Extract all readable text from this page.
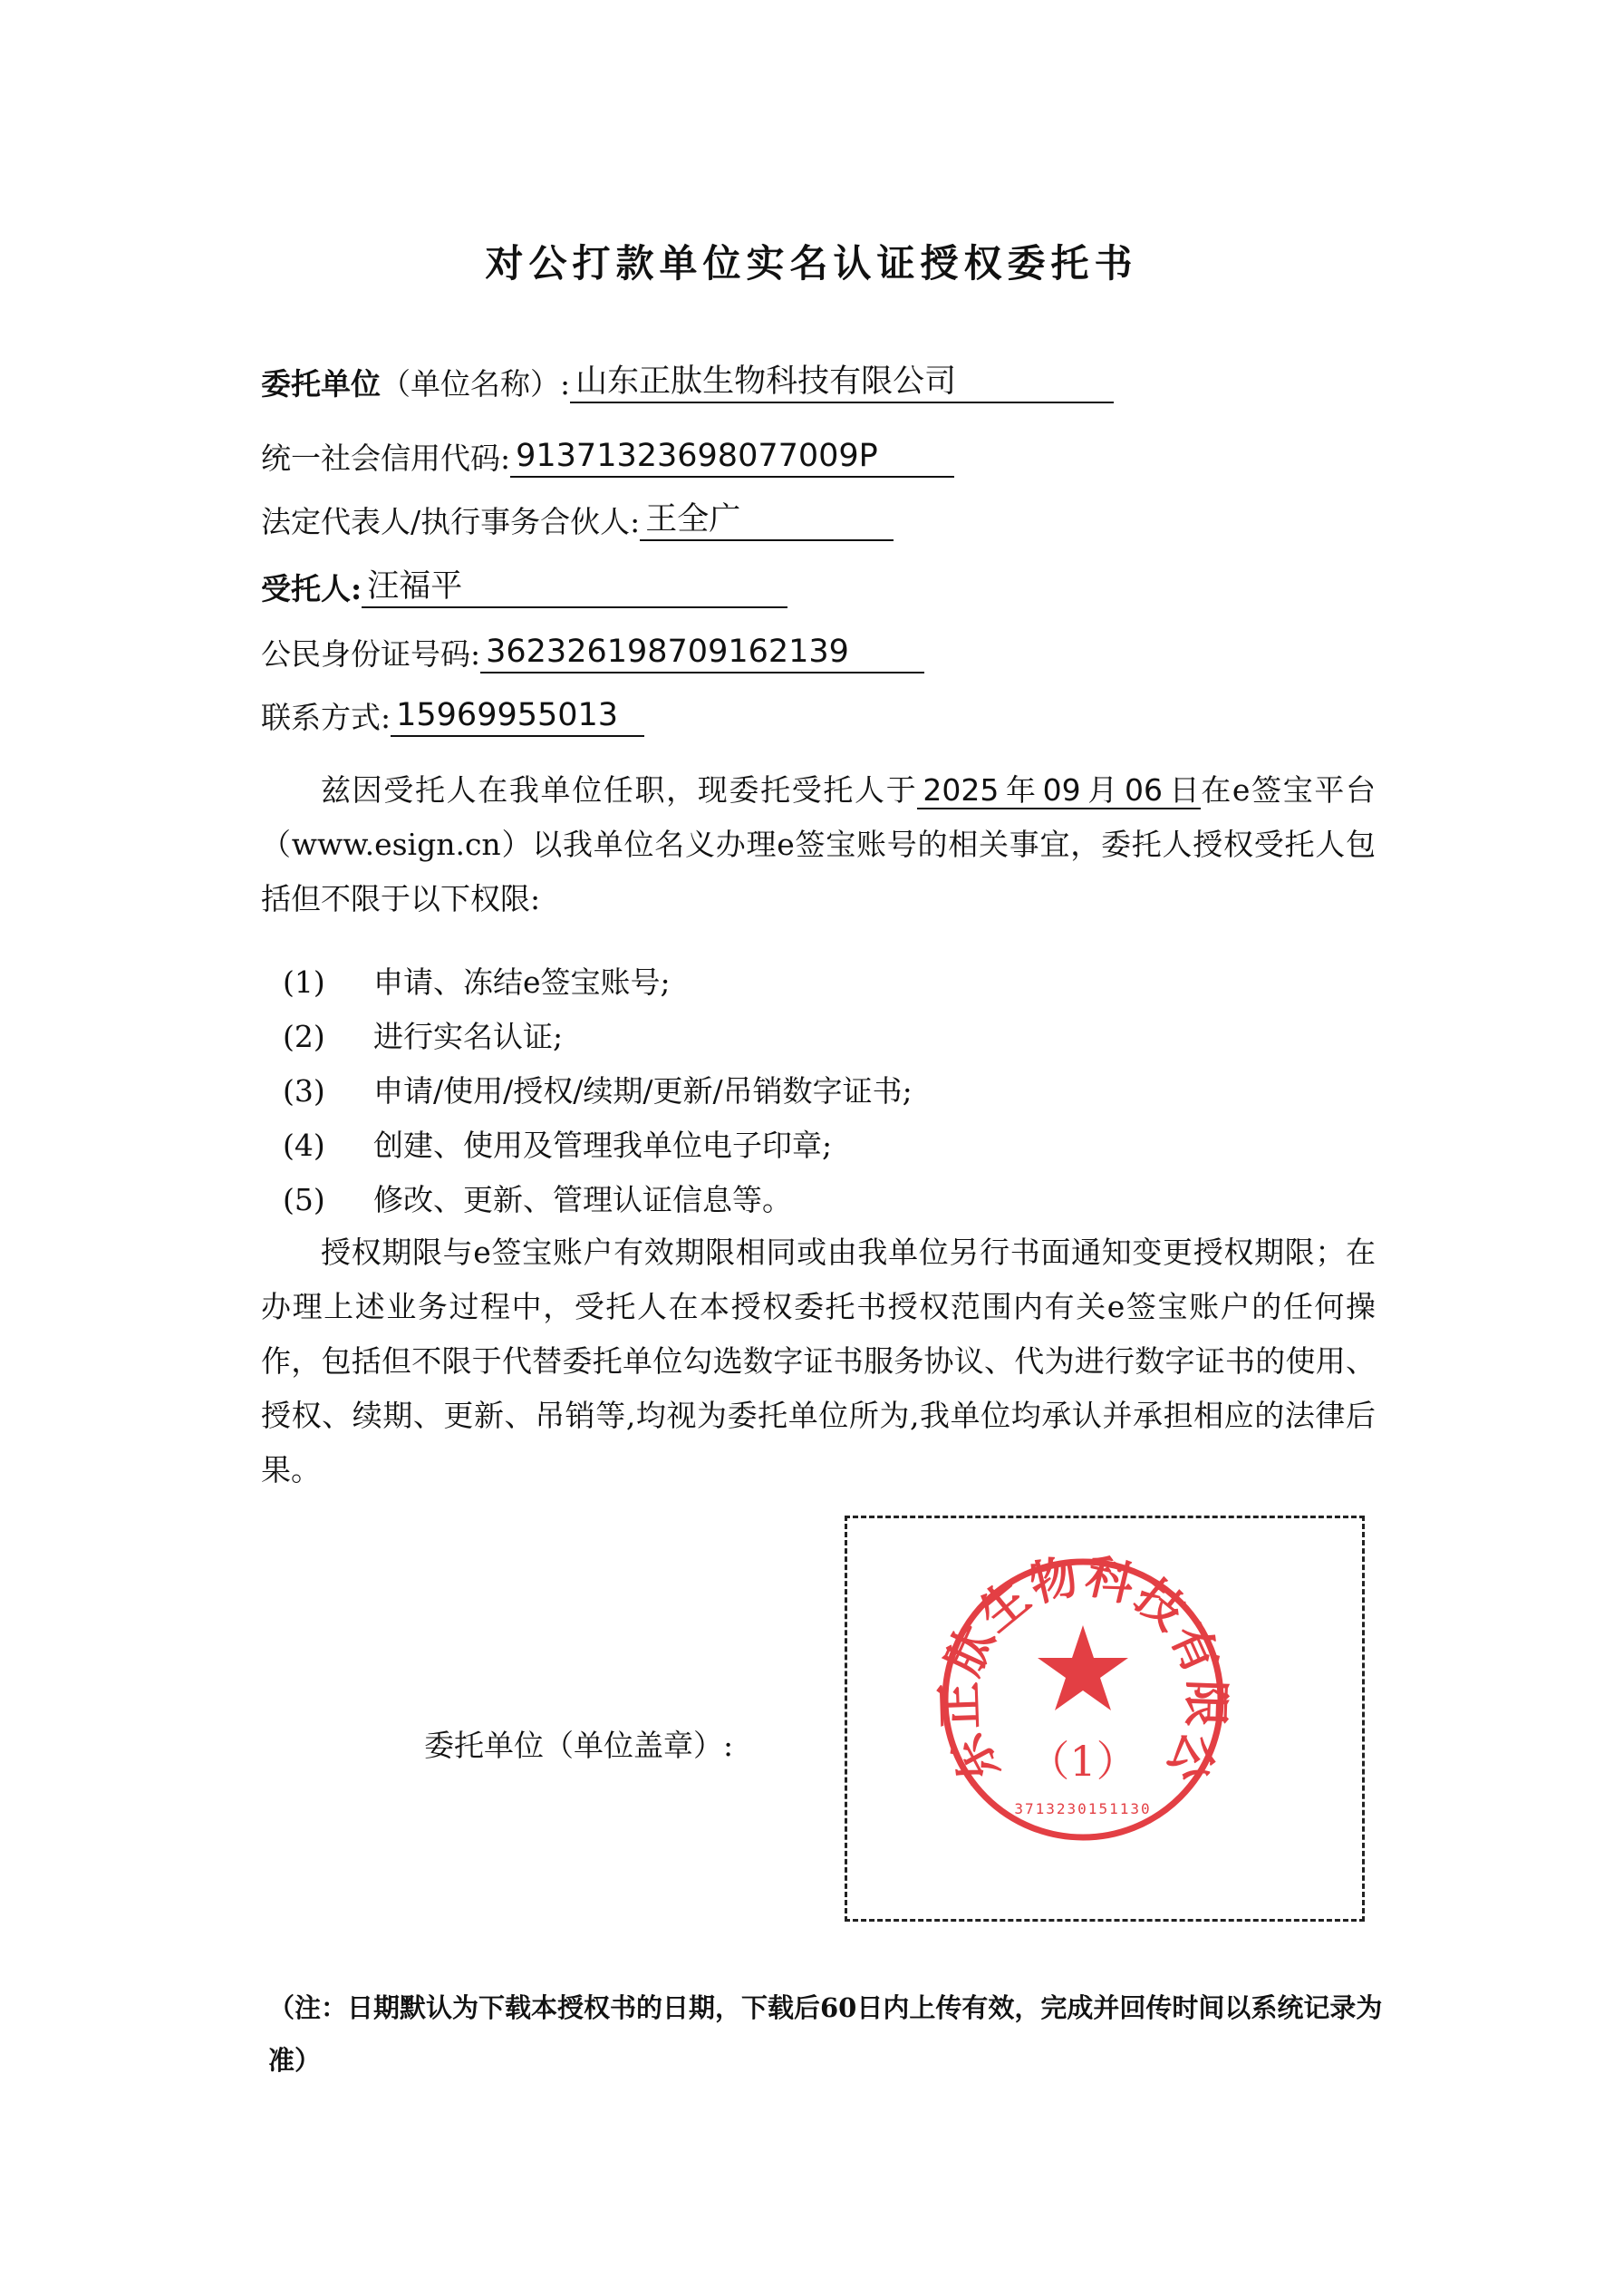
对公打款单位实名认证授权委托书
委托单位 （单位名称）: 山东正肽生物科技有限公司
统一社会信用代码: 91371323698077009P
法定代表人/执行事务合伙人: 王全广
受托人: 汪福平
公民身份证号码: 362326198709162139
联系方式: 15969955013
兹因受托人在我单位任职，现委托受托人于 2025 年 09 月 06 日在e签宝平台（www.esign.cn）以我单位名义办理e签宝账号的相关事宜，委托人授权受托人包括但不限于以下权限:
(1) 申请、冻结e签宝账号;
(2) 进行实名认证;
(3) 申请/使用/授权/续期/更新/吊销数字证书;
(4) 创建、使用及管理我单位电子印章;
(5) 修改、更新、管理认证信息等。
授权期限与e签宝账户有效期限相同或由我单位另行书面通知变更授权期限；在办理上述业务过程中，受托人在本授权委托书授权范围内有关e签宝账户的任何操作，包括但不限于代替委托单位勾选数字证书服务协议、代为进行数字证书的使用、授权、续期、更新、吊销等,均视为委托单位所为,我单位均承认并承担相应的法律后果。
委托单位（单位盖章）:	东正肽生物科技有限公
（1）
3713230151130
（注：日期默认为下载本授权书的日期，下载后60日内上传有效，完成并回传时间以系统记录为准）
